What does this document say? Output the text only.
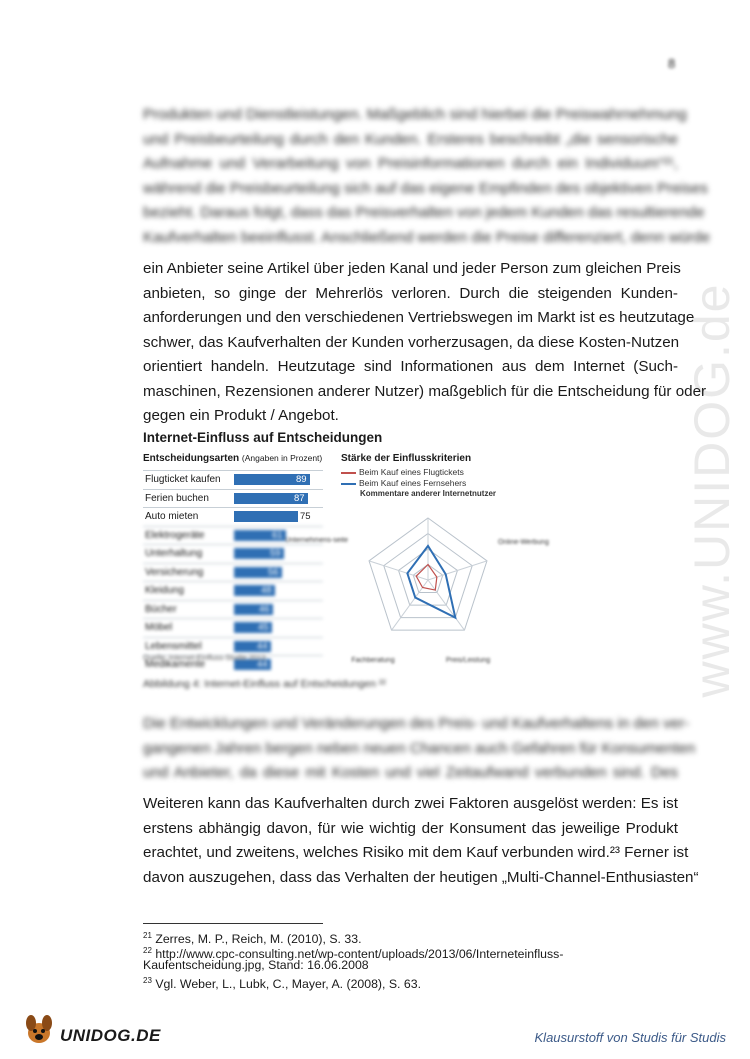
8
www.UNIDOG.de
Produkten und Dienstleistungen. Maßgeblich sind hierbei die Preiswahrnehmung
und Preisbeurteilung durch den Kunden. Ersteres beschreibt „die sensorische
Aufnahme und Verarbeitung von Preisinformationen durch ein Individuum“²¹,
während die Preisbeurteilung sich auf das eigene Empfinden des objektiven Preises
bezieht. Daraus folgt, dass das Preisverhalten von jedem Kunden das resultierende
Kaufverhalten beeinflusst. Anschließend werden die Preise differenziert, denn würde
ein Anbieter seine Artikel über jeden Kanal und jeder Person zum gleichen Preis
anbieten, so ginge der Mehrerlös verloren. Durch die steigenden Kunden-
anforderungen und den verschiedenen Vertriebswegen im Markt ist es heutzutage
schwer, das Kaufverhalten der Kunden vorherzusagen, da diese Kosten-Nutzen
orientiert handeln. Heutzutage sind Informationen aus dem Internet (Such-
maschinen, Rezensionen anderer Nutzer) maßgeblich für die Entscheidung für oder
gegen ein Produkt / Angebot.
Internet-Einfluss auf Entscheidungen
Entscheidungsarten (Angaben in Prozent)
Flugticket kaufen	89
Ferien buchen	87
Auto mieten	75
Elektrogeräte	61
Unterhaltung	59
Versicherung	56
Kleidung	48
Bücher	46
Möbel	45
Lebensmittel	44
Medikamente	44
Quelle: Internet-Einfluss-Studie 2013
Stärke der Einflusskriterien
Beim Kauf eines Flugtickets
Beim Kauf eines Fernsehers
Kommentare anderer Internetnutzer
Online-Werbung
Preis/Leistung
Fachberatung
Unternehmens-seite
Abbildung 4: Internet-Einfluss auf Entscheidungen ²²
Die Entwicklungen und Veränderungen des Preis- und Kaufverhaltens in den ver-
gangenen Jahren bergen neben neuen Chancen auch Gefahren für Konsumenten
und Anbieter, da diese mit Kosten und viel Zeitaufwand verbunden sind. Des
Weiteren kann das Kaufverhalten durch zwei Faktoren ausgelöst werden: Es ist
erstens abhängig davon, für wie wichtig der Konsument das jeweilige Produkt
erachtet, und zweitens, welches Risiko mit dem Kauf verbunden wird.²³ Ferner ist
davon auszugehen, dass das Verhalten der heutigen „Multi-Channel-Enthusiasten“
$^{21}$ Zerres, M. P., Reich, M. (2010), S. 33.
$^{22}$ http://www.cpc-consulting.net/wp-content/uploads/2013/06/Interneteinfluss-
Kaufentscheidung.jpg, Stand: 16.06.2008
$^{23}$ Vgl. Weber, L., Lubk, C., Mayer, A. (2008), S. 63.
UNIDOG.DE	Klausurstoff von Studis für Studis
